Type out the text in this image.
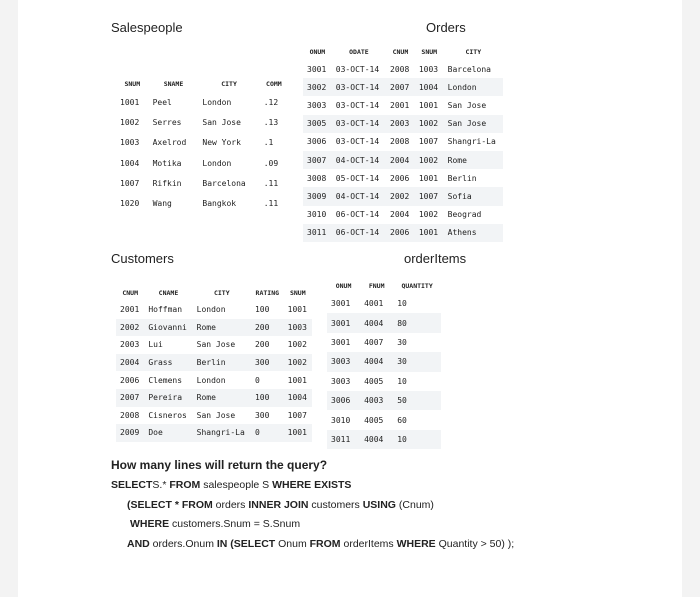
Salespeople	Orders
Customers	orderItems
SNUM	SNAME	CITY	COMM
1001	Peel	London	.12
1002	Serres	San Jose	.13
1003	Axelrod	New York	.1
1004	Motika	London	.09
1007	Rifkin	Barcelona	.11
1020	Wang	Bangkok	.11
ONUM	ODATE	CNUM	SNUM	CITY
3001	03-OCT-14	2008	1003	Barcelona
3002	03-OCT-14	2007	1004	London
3003	03-OCT-14	2001	1001	San Jose
3005	03-OCT-14	2003	1002	San Jose
3006	03-OCT-14	2008	1007	Shangri-La
3007	04-OCT-14	2004	1002	Rome
3008	05-OCT-14	2006	1001	Berlin
3009	04-OCT-14	2002	1007	Sofia
3010	06-OCT-14	2004	1002	Beograd
3011	06-OCT-14	2006	1001	Athens
CNUM	CNAME	CITY	RATING	SNUM
2001	Hoffman	London	100	1001
2002	Giovanni	Rome	200	1003
2003	Lui	San Jose	200	1002
2004	Grass	Berlin	300	1002
2006	Clemens	London	0	1001
2007	Pereira	Rome	100	1004
2008	Cisneros	San Jose	300	1007
2009	Doe	Shangri-La	0	1001
ONUM	FNUM	QUANTITY
3001	4001	10
3001	4004	80
3001	4007	30
3003	4004	30
3003	4005	10
3006	4003	50
3010	4005	60
3011	4004	10
How many lines will return the query?
SELECTS.* FROM salespeople S WHERE EXISTS
(SELECT * FROM orders INNER JOIN customers USING (Cnum)
WHERE customers.Snum = S.Snum
AND orders.Onum IN (SELECT Onum FROM orderItems WHERE Quantity > 50) );
